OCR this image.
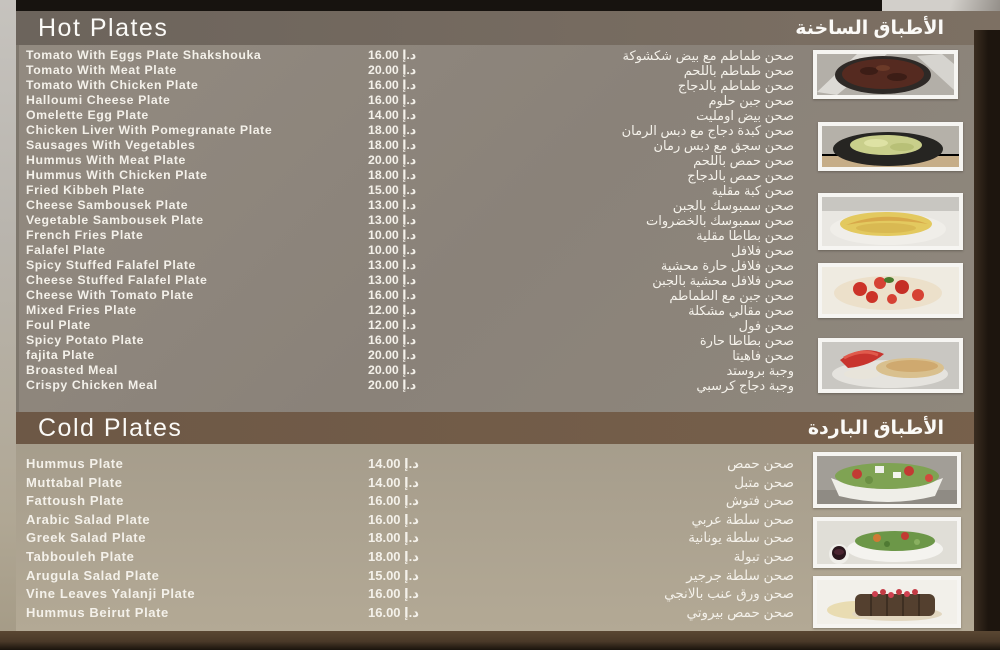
Hot Plates	الأطباق الساخنة
Cold Plates	الأطباق الباردة
Tomato With Eggs Plate Shakshouka	16.00 د.إ	صحن طماطم مع بيض شكشوكة
Tomato With Meat Plate	20.00 د.إ	صحن طماطم باللحم
Tomato With Chicken Plate	16.00 د.إ	صحن طماطم بالدجاج
Halloumi Cheese Plate	16.00 د.إ	صحن جبن حلوم
Omelette Egg Plate	14.00 د.إ	صحن بيض اومليت
Chicken Liver With Pomegranate Plate	18.00 د.إ	صحن كبدة دجاج مع دبس الرمان
Sausages With Vegetables	18.00 د.إ	صحن سجق مع دبس رمان
Hummus With Meat Plate	20.00 د.إ	صحن حمص باللحم
Hummus With Chicken Plate	18.00 د.إ	صحن حمص بالدجاج
Fried Kibbeh Plate	15.00 د.إ	صحن كبة مقلية
Cheese Sambousek Plate	13.00 د.إ	صحن سمبوسك بالجبن
Vegetable Sambousek Plate	13.00 د.إ	صحن سمبوسك بالخضروات
French Fries Plate	10.00 د.إ	صحن بطاطا مقلية
Falafel Plate	10.00 د.إ	صحن فلافل
Spicy Stuffed Falafel Plate	13.00 د.إ	صحن فلافل حارة محشية
Cheese Stuffed Falafel Plate	13.00 د.إ	صحن فلافل محشية بالجبن
Cheese With Tomato Plate	16.00 د.إ	صحن جبن مع الطماطم
Mixed Fries Plate	12.00 د.إ	صحن مقالي مشكلة
Foul Plate	12.00 د.إ	صحن فول
Spicy Potato Plate	16.00 د.إ	صحن بطاطا حارة
fajita Plate	20.00 د.إ	صحن فاهيتا
Broasted Meal	20.00 د.إ	وجبة بروستد
Crispy Chicken Meal	20.00 د.إ	وجبة دجاج كرسبي
Hummus Plate	14.00 د.إ	صحن حمص
Muttabal Plate	14.00 د.إ	صحن متبل
Fattoush Plate	16.00 د.إ	صحن فتوش
Arabic Salad Plate	16.00 د.إ	صحن سلطة عربي
Greek Salad Plate	18.00 د.إ	صحن سلطة يونانية
Tabbouleh Plate	18.00 د.إ	صحن تبولة
Arugula Salad Plate	15.00 د.إ	صحن سلطة جرجير
Vine Leaves Yalanji Plate	16.00 د.إ	صحن ورق عنب بالانجي
Hummus Beirut Plate	16.00 د.إ	صحن حمص بيروتي
